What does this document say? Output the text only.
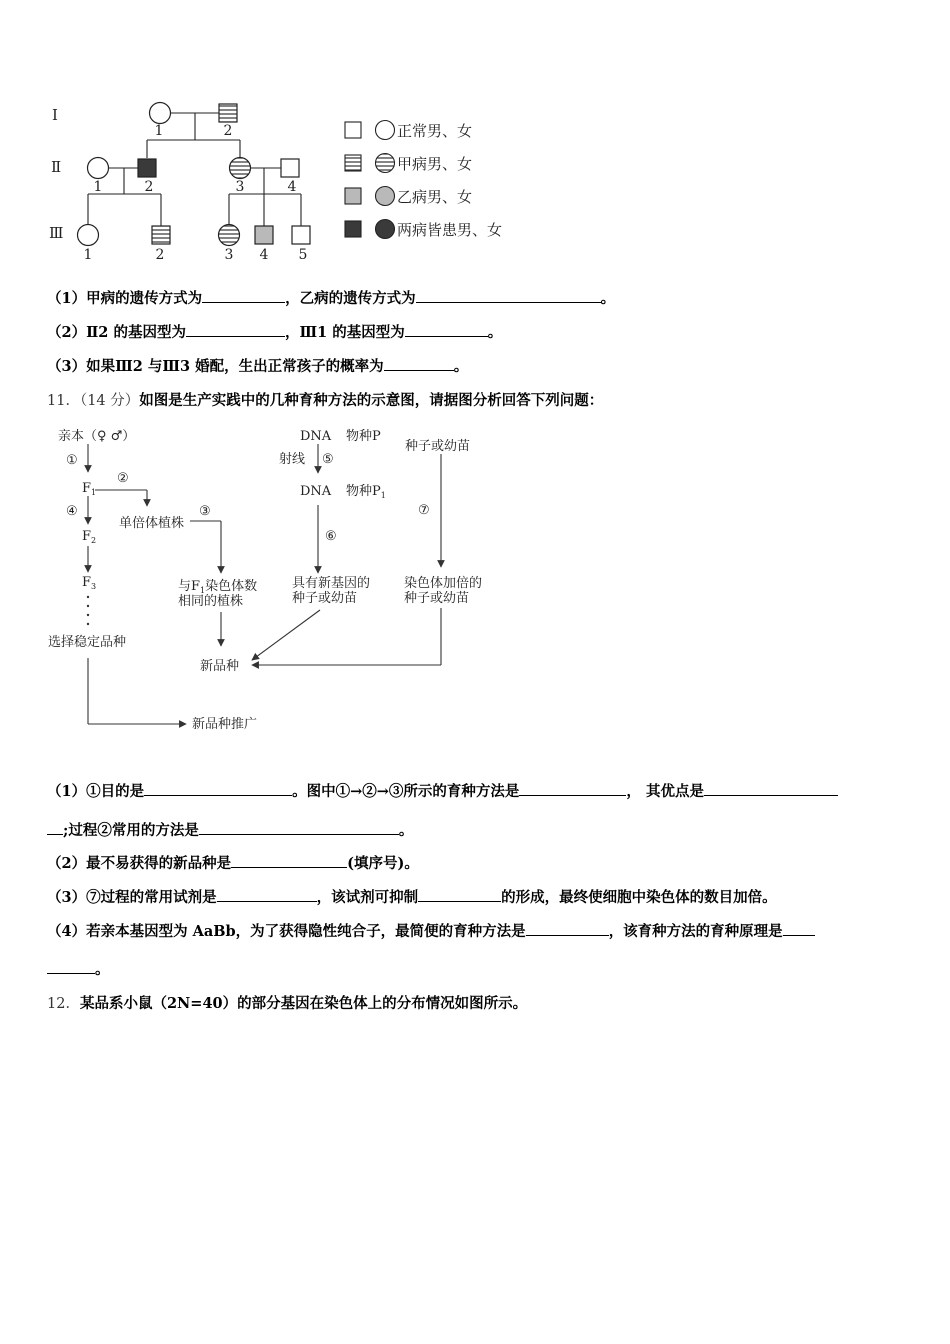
Ⅰ
Ⅱ
Ⅲ
1	2
1	2	3	4
1	2	3 4 5
正常男、女
甲病男、女
乙病男、女
两病皆患男、女
（1）甲病的遗传方式为	，乙病的遗传方式为	。
（2）Ⅱ2 的基因型为	，Ⅲ1 的基因型为	。
（3）如果Ⅲ2 与Ⅲ3 婚配，生出正常孩子的概率为	。
11．（14 分）如图是生产实践中的几种育种方法的示意图，请据图分析回答下列问题：
亲本（♀ ♂）
①
$F_1$
②
④
单倍体植株
③
$F_2$
$F_3$	与$F_1$染色体数
相同的植株
选择稳定品种
新品种
新品种推广
DNA 物种P
射线 ⑤
DNA 物种$P_1$
⑥
具有新基因的
种子或幼苗
种子或幼苗
⑦
染色体加倍的
种子或幼苗
（1）①目的是	。图中①→②→③所示的育种方法是	， 其优点是
;过程②常用的方法是	。
（2）最不易获得的新品种是	(填序号)。
（3）⑦过程的常用试剂是	，该试剂可抑制	的形成，最终使细胞中染色体的数目加倍。
（4）若亲本基因型为 AaBb，为了获得隐性纯合子，最简便的育种方法是	，该育种方法的育种原理是
。
12．某品系小鼠（2N=40）的部分基因在染色体上的分布情况如图所示。
